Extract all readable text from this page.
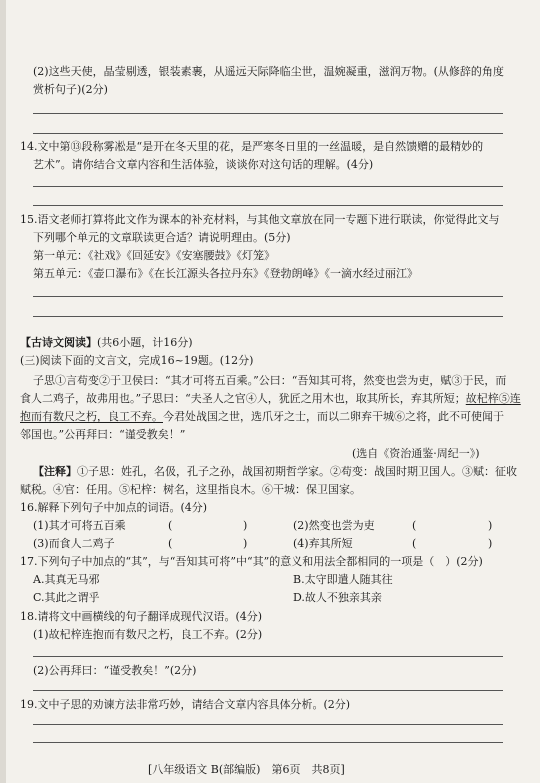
(2)这些天使，晶莹剔透，银装素裹，从遥远天际降临尘世，温婉凝重，滋润万物。(从修辞的角度
赏析句子)(2分)
14.文中第⑬段称雾凇是“是开在冬天里的花，是严寒冬日里的一丝温暖，是自然馈赠的最精妙的
艺术”。请你结合文章内容和生活体验，谈谈你对这句话的理解。(4分)
15.语文老师打算将此文作为课本的补充材料，与其他文章放在同一专题下进行联读，你觉得此文与
下列哪个单元的文章联读更合适？请说明理由。(5分)
第一单元：《社戏》《回延安》《安塞腰鼓》《灯笼》
第五单元：《壶口瀑布》《在长江源头各拉丹东》《登勃朗峰》《一滴水经过丽江》
【古诗文阅读】(共6小题，计16分)
(三)阅读下面的文言文，完成16~19题。(12分)
子思①言苟变②于卫侯曰：“其才可将五百乘。”公曰：“吾知其可将，然变也尝为吏，赋③于民，而
食人二鸡子，故弗用也。”子思曰：“夫圣人之官④人，犹匠之用木也，取其所长，弃其所短；故杞梓⑤连
抱而有数尺之朽，良工不弃。今君处战国之世，选爪牙之士，而以二卵弃干城⑥之将，此不可使闻于
邻国也。”公再拜曰：“谨受教矣！”
(选自《资治通鉴·周纪一》)
【注释】①子思：姓孔，名伋，孔子之孙，战国初期哲学家。②苟变：战国时期卫国人。③赋：征收
赋税。④官：任用。⑤杞梓：树名，这里指良木。⑥干城：保卫国家。
16.解释下列句子中加点的词语。(4分)
(1)其才可将五百乘	(	)	(2)然变也尝为吏	(	)
(3)而食人二鸡子	(	)	(4)弃其所短	(	)
17.下列句子中加点的“其”，与“吾知其可将”中“其”的意义和用法全都相同的一项是（　）(2分)
A.其真无马邪	B.太守即遣人随其往
C.其此之谓乎	D.故人不独亲其亲
18.请将文中画横线的句子翻译成现代汉语。(4分)
(1)故杞梓连抱而有数尺之朽，良工不弃。(2分)
(2)公再拜曰：“谨受教矣！”(2分)
19.文中子思的劝谏方法非常巧妙，请结合文章内容具体分析。(2分)
[八年级语文 B(部编版)　第6页　共8页]
